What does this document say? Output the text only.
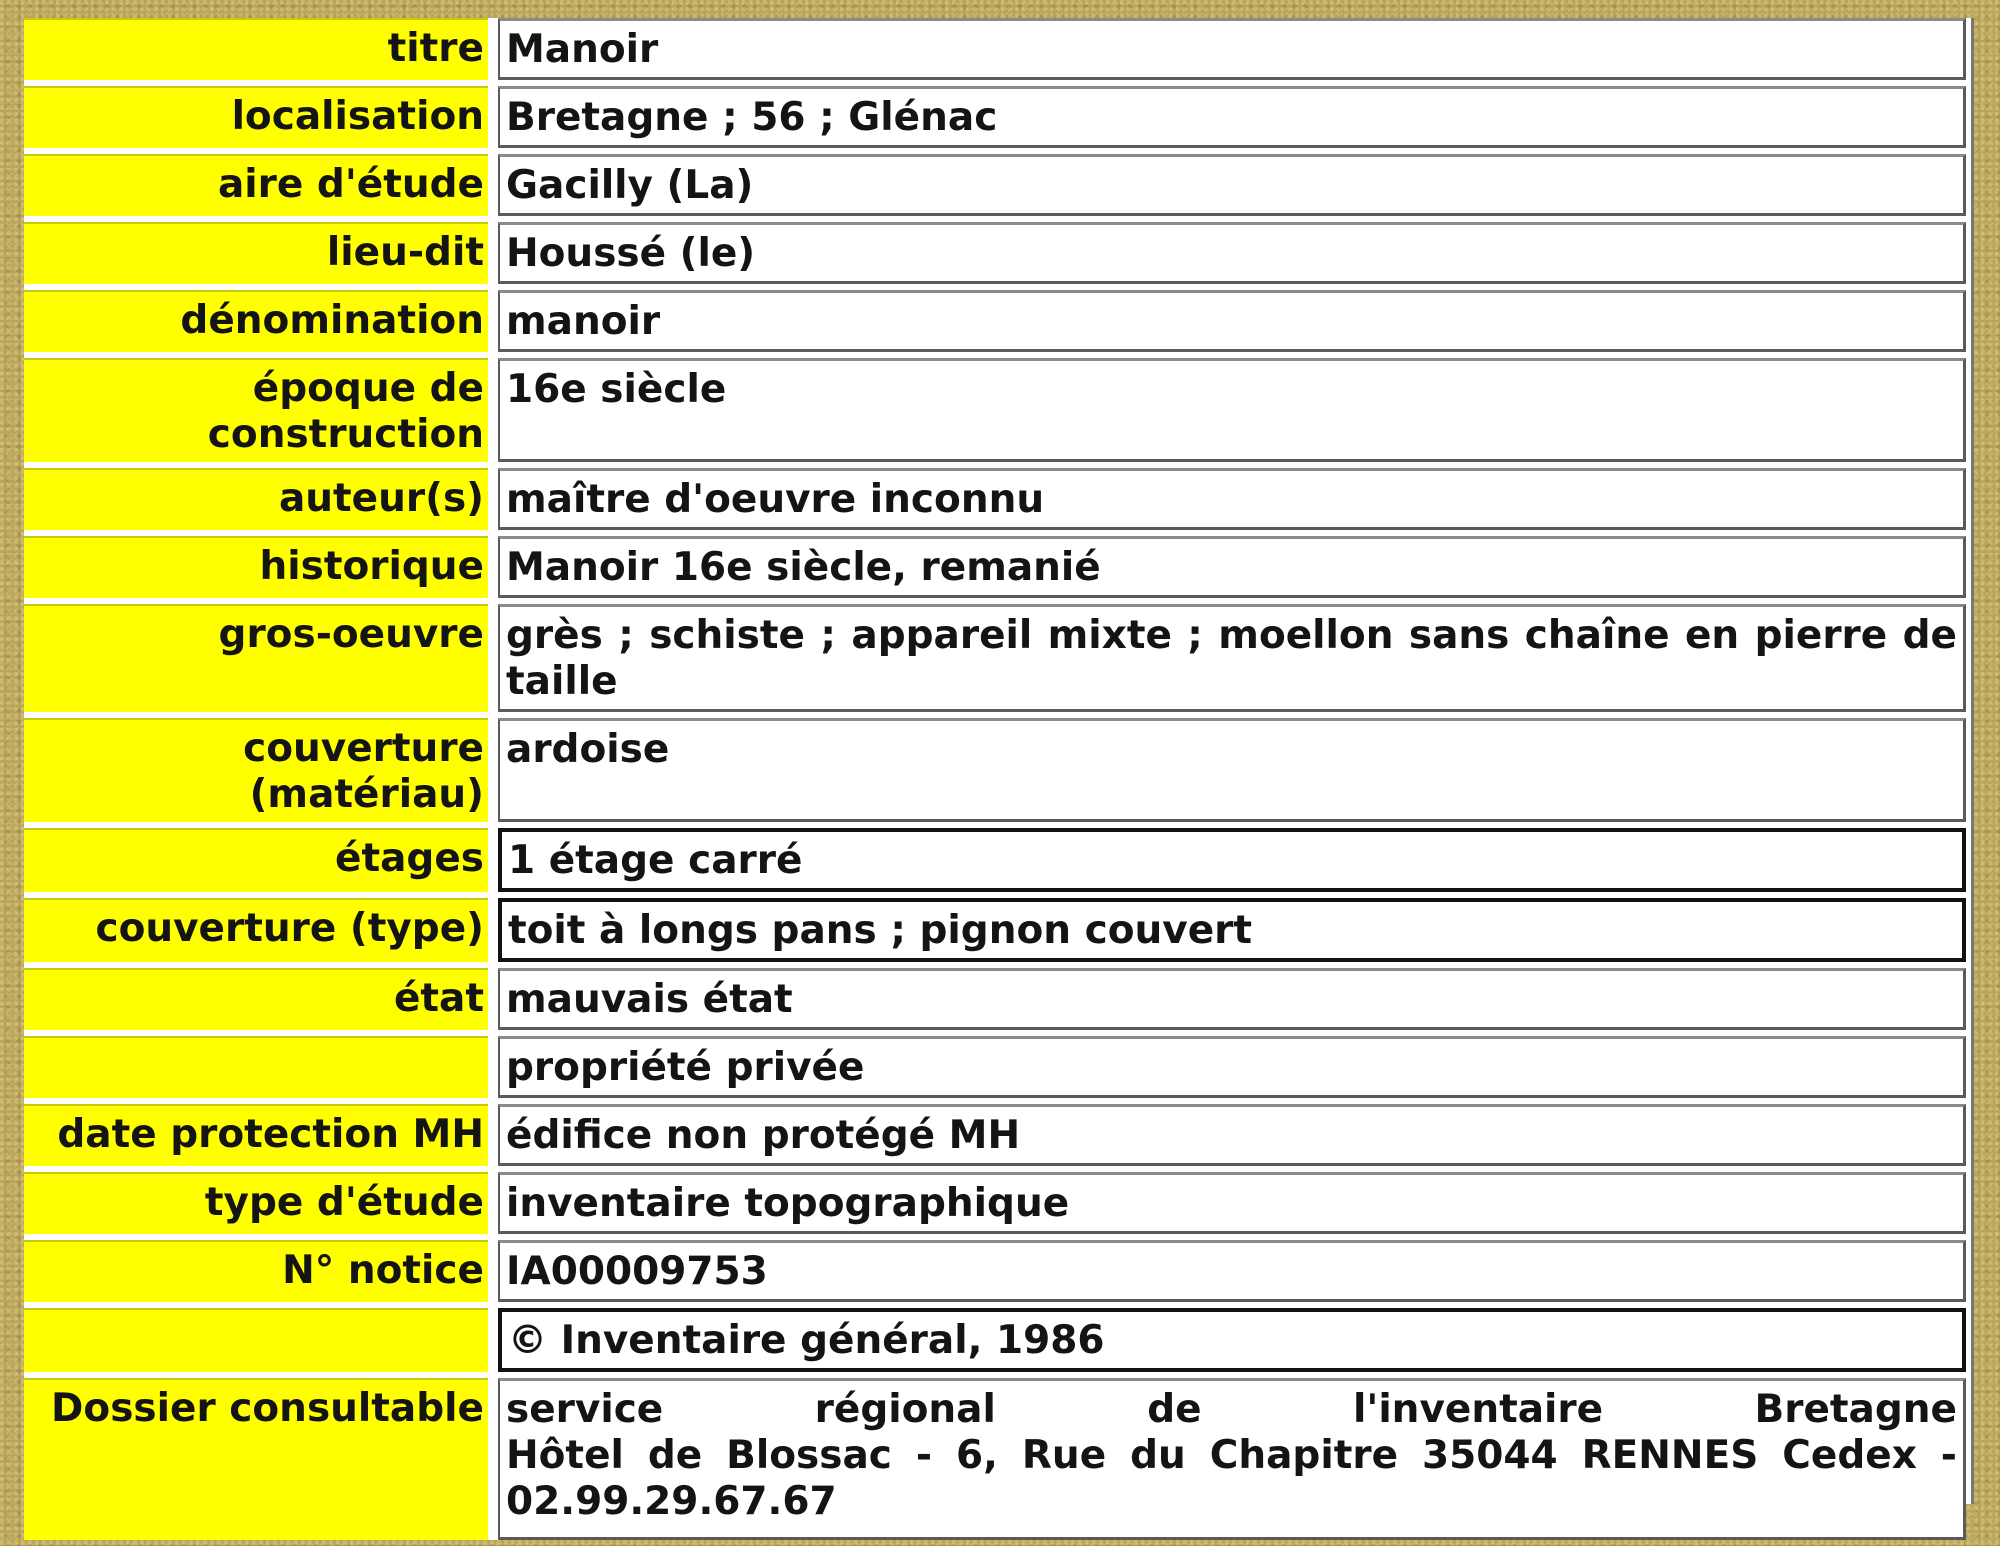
titre		Manoir
localisation		Bretagne ; 56 ; Glénac
aire d'étude		Gacilly (La)
lieu-dit		Houssé (le)
dénomination		manoir

époque de
construction		16e siècle
auteur(s)		maître d'oeuvre inconnu
historique		Manoir 16e siècle, remanié
gros-oeuvre		grès ; schiste ; appareil mixte ; moellon sans chaîne en pierre de taille

couverture
(matériau)		ardoise
étages		1 étage carré
couverture (type)		toit à longs pans ; pignon couvert
état		mauvais état
		propriété privée
date protection MH		édifice non protégé MH
type d'étude		inventaire topographique
N° notice		IA00009753
		© Inventaire général, 1986
Dossier consultable		service régional de l'inventaire Bretagne
Hôtel de Blossac - 6, Rue du Chapitre 35044 RENNES Cedex -
02.99.29.67.67
